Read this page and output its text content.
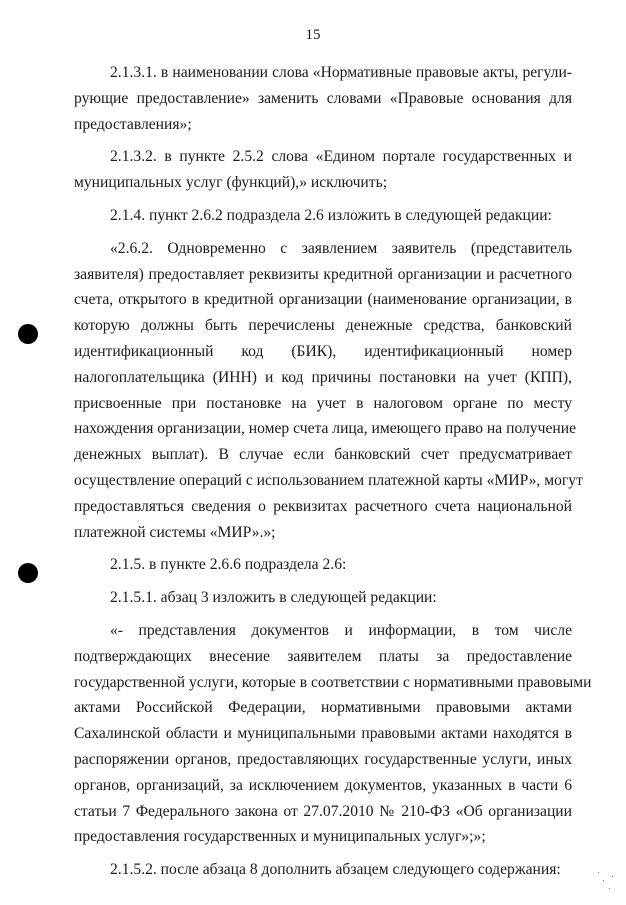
15
2.1.3.1. в наименовании слова «Нормативные правовые акты, регули-
рующие предоставление» заменить словами «Правовые основания для
предоставления»;
2.1.3.2. в пункте 2.5.2 слова «Едином портале государственных и
муниципальных услуг (функций),» исключить;
2.1.4. пункт 2.6.2 подраздела 2.6 изложить в следующей редакции:
«2.6.2. Одновременно с заявлением заявитель (представитель
заявителя) предоставляет реквизиты кредитной организации и расчетного
счета, открытого в кредитной организации (наименование организации, в
которую должны быть перечислены денежные средства, банковский
идентификационный код (БИК), идентификационный номер
налогоплательщика (ИНН) и код причины постановки на учет (КПП),
присвоенные при постановке на учет в налоговом органе по месту
нахождения организации, номер счета лица, имеющего право на получение
денежных выплат). В случае если банковский счет предусматривает
осуществление операций с использованием платежной карты «МИР», могут
предоставляться сведения о реквизитах расчетного счета национальной
платежной системы «МИР».»;
2.1.5. в пункте 2.6.6 подраздела 2.6:
2.1.5.1. абзац 3 изложить в следующей редакции:
«- представления документов и информации, в том числе
подтверждающих внесение заявителем платы за предоставление
государственной услуги, которые в соответствии с нормативными правовыми
актами Российской Федерации, нормативными правовыми актами
Сахалинской области и муниципальными правовыми актами находятся в
распоряжении органов, предоставляющих государственные услуги, иных
органов, организаций, за исключением документов, указанных в части 6
статьи 7 Федерального закона от 27.07.2010 № 210-ФЗ «Об организации
предоставления государственных и муниципальных услуг»;»;
2.1.5.2. после абзаца 8 дополнить абзацем следующего содержания:
